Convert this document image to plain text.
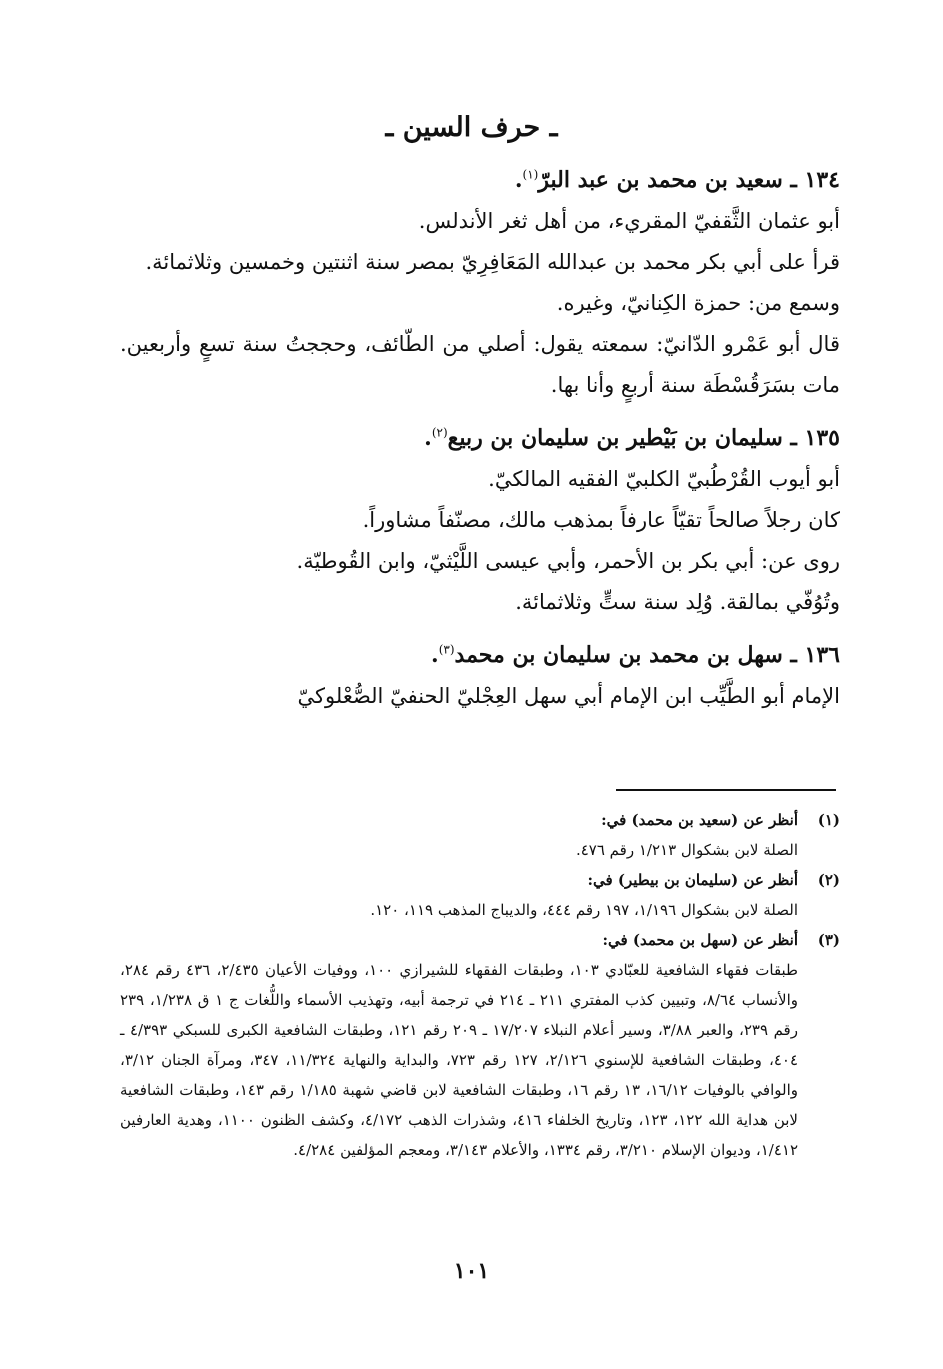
ـ حرف السين ـ

١٣٤ ـ سعيد بن محمد بن عبد البرّ$^{(١)}$.

أبو عثمان الثَّقفيّ المقريء، من أهل ثغر الأندلس.

قرأ على أبي بكر محمد بن عبدالله المَعَافِرِيّ بمصر سنة اثنتين وخمسين وثلاثمائة.

وسمع من: حمزة الكِنانيّ، وغيره.

قال أبو عَمْرو الدّانيّ: سمعته يقول: أصلي من الطّائف، وحججتُ سنة تسعٍ وأربعين. مات بسَرَقُسْطَة سنة أربعٍ وأنا بها.

١٣٥ ـ سليمان بن بَيْطير بن سليمان بن ربيع$^{(٢)}$.

أبو أيوب القُرْطُبيّ الكلبيّ الفقيه المالكيّ.

كان رجلاً صالحاً تقيّاً عارفاً بمذهب مالك، مصنّفاً مشاوراً.

روى عن: أبي بكر بن الأحمر، وأبي عيسى اللَّيْثيّ، وابن القُوطيّة.

وتُوُفّي بمالقة. وُلِد سنة ستٍّ وثلاثمائة.

١٣٦ ـ سهل بن محمد بن سليمان بن محمد$^{(٣)}$.

الإمام أبو الطَّيِّب ابن الإمام أبي سهل العِجْليّ الحنفيّ الصُّعْلوكيّ

(١)
أنظر عن (سعيد بن محمد) في:
الصلة لابن بشكوال ١/٢١٣ رقم ٤٧٦.
(٢)
أنظر عن (سليمان بن بيطير) في:
الصلة لابن بشكوال ١/١٩٦، ١٩٧ رقم ٤٤٤، والديباج المذهب ١١٩، ١٢٠.
(٣)
أنظر عن (سهل بن محمد) في:
طبقات فقهاء الشافعية للعبّادي ١٠٣، وطبقات الفقهاء للشيرازي ١٠٠، ووفيات الأعيان ٢/٤٣٥، ٤٣٦ رقم ٢٨٤، والأنساب ٨/٦٤، وتبيين كذب المفتري ٢١١ ـ ٢١٤ في ترجمة أبيه، وتهذيب الأسماء واللُّغات ج ١ ق ١/٢٣٨، ٢٣٩ رقم ٢٣٩، والعبر ٣/٨٨، وسير أعلام النبلاء ١٧/٢٠٧ ـ ٢٠٩ رقم ١٢١، وطبقات الشافعية الكبرى للسبكي ٤/٣٩٣ ـ ٤٠٤، وطبقات الشافعية للإسنوي ٢/١٢٦، ١٢٧ رقم ٧٢٣، والبداية والنهاية ١١/٣٢٤، ٣٤٧، ومرآة الجنان ٣/١٢، والوافي بالوفيات ١٦/١٢، ١٣ رقم ١٦، وطبقات الشافعية لابن قاضي شهبة ١/١٨٥ رقم ١٤٣، وطبقات الشافعية لابن هداية الله ١٢٢، ١٢٣، وتاريخ الخلفاء ٤١٦، وشذرات الذهب ٤/١٧٢، وكشف الظنون ١١٠٠، وهدية العارفين ١/٤١٢، وديوان الإسلام ٣/٢١٠، رقم ١٣٣٤، والأعلام ٣/١٤٣، ومعجم المؤلفين ٤/٢٨٤.
١٠١
